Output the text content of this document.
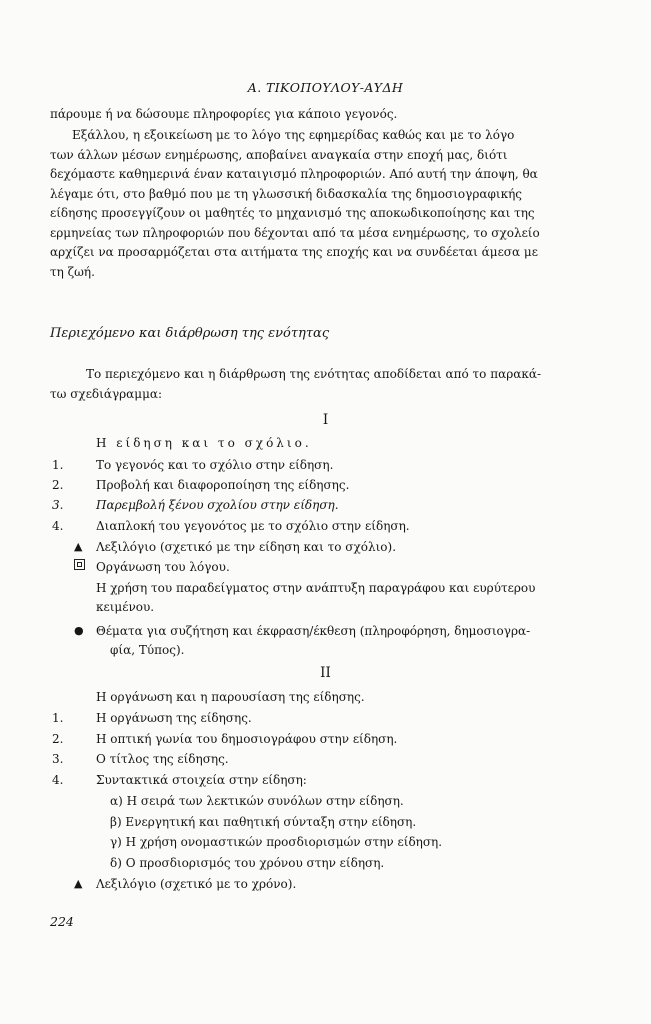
Α. ΤΙΚΟΠΟΥΛΟΥ-ΑΥΔΗ
πάρουμε ή να δώσουμε πληροφορίες για κάποιο γεγονός.
Εξάλλου, η εξοικείωση με το λόγο της εφημερίδας καθώς και με το λόγο
των άλλων μέσων ενημέρωσης, αποβαίνει αναγκαία στην εποχή μας, διότι
δεχόμαστε καθημερινά έναν καταιγισμό πληροφοριών. Από αυτή την άποψη, θα
λέγαμε ότι, στο βαθμό που με τη γλωσσική διδασκαλία της δημοσιογραφικής
είδησης προσεγγίζουν οι μαθητές το μηχανισμό της αποκωδικοποίησης και της
ερμηνείας των πληροφοριών που δέχονται από τα μέσα ενημέρωσης, το σχολείο
αρχίζει να προσαρμόζεται στα αιτήματα της εποχής και να συνδέεται άμεσα με
τη ζωή.
Περιεχόμενο και διάρθρωση της ενότητας
Το περιεχόμενο και η διάρθρωση της ενότητας αποδίδεται από το παρακά-
τω σχεδιάγραμμα:
I
Η είδηση και το σχόλιο.
1.	Το γεγονός και το σχόλιο στην είδηση.
2.	Προβολή και διαφοροποίηση της είδησης.
3.	Παρεμβολή ξένου σχολίου στην είδηση.
4.	Διαπλοκή του γεγονότος με το σχόλιο στην είδηση.
▲ Λεξιλόγιο (σχετικό με την είδηση και το σχόλιο).
Οργάνωση του λόγου.
Η χρήση του παραδείγματος στην ανάπτυξη παραγράφου και ευρύτερου
κειμένου.
● Θέματα για συζήτηση και έκφραση/έκθεση (πληροφόρηση, δημοσιογρα-
φία, Τύπος).
II
Η οργάνωση και η παρουσίαση της είδησης.
1.	Η οργάνωση της είδησης.
2.	Η οπτική γωνία του δημοσιογράφου στην είδηση.
3.	Ο τίτλος της είδησης.
4.	Συντακτικά στοιχεία στην είδηση:
α) Η σειρά των λεκτικών συνόλων στην είδηση.
β) Ενεργητική και παθητική σύνταξη στην είδηση.
γ) Η χρήση ονομαστικών προσδιορισμών στην είδηση.
δ) Ο προσδιορισμός του χρόνου στην είδηση.
▲ Λεξιλόγιο (σχετικό με το χρόνο).
224
